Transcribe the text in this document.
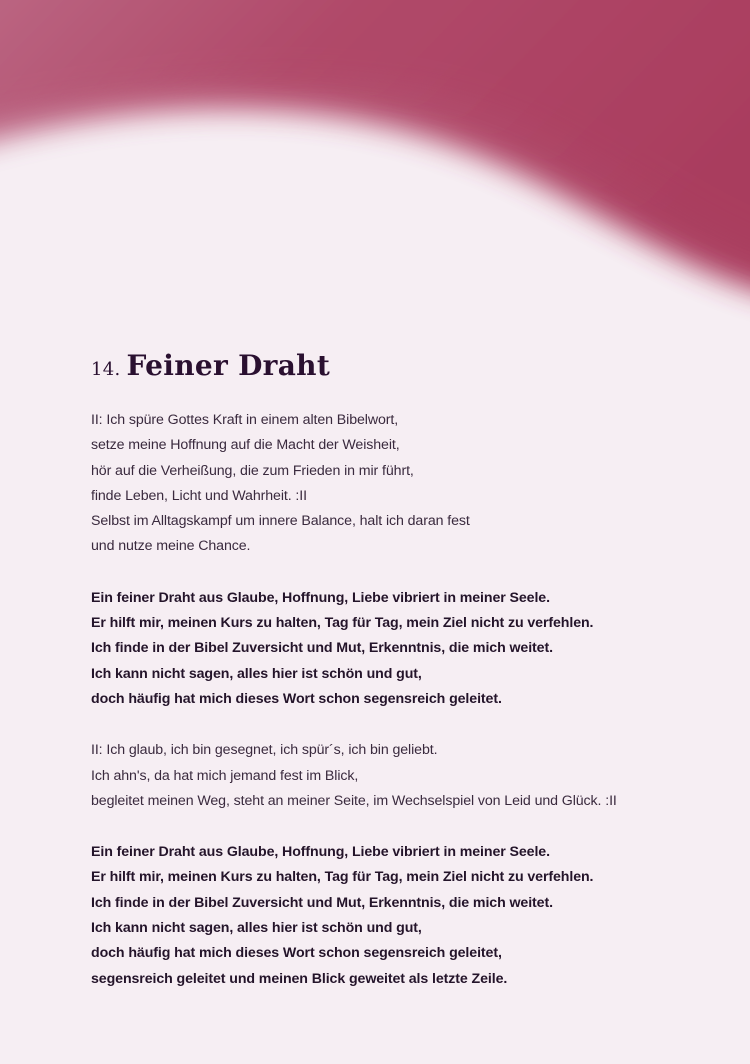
14. Feiner Draht
II: Ich spüre Gottes Kraft in einem alten Bibelwort,
setze meine Hoffnung auf die Macht der Weisheit,
hör auf die Verheißung, die zum Frieden in mir führt,
finde Leben, Licht und Wahrheit. :II
Selbst im Alltagskampf um innere Balance, halt ich daran fest
und nutze meine Chance.
Ein feiner Draht aus Glaube, Hoffnung, Liebe vibriert in meiner Seele.
Er hilft mir, meinen Kurs zu halten, Tag für Tag, mein Ziel nicht zu verfehlen.
Ich finde in der Bibel Zuversicht und Mut, Erkenntnis, die mich weitet.
Ich kann nicht sagen, alles hier ist schön und gut,
doch häufig hat mich dieses Wort schon segensreich geleitet.
II: Ich glaub, ich bin gesegnet, ich spür´s, ich bin geliebt.
Ich ahn's, da hat mich jemand fest im Blick,
begleitet meinen Weg, steht an meiner Seite, im Wechselspiel von Leid und Glück. :II
Ein feiner Draht aus Glaube, Hoffnung, Liebe vibriert in meiner Seele.
Er hilft mir, meinen Kurs zu halten, Tag für Tag, mein Ziel nicht zu verfehlen.
Ich finde in der Bibel Zuversicht und Mut, Erkenntnis, die mich weitet.
Ich kann nicht sagen, alles hier ist schön und gut,
doch häufig hat mich dieses Wort schon segensreich geleitet,
segensreich geleitet und meinen Blick geweitet als letzte Zeile.
